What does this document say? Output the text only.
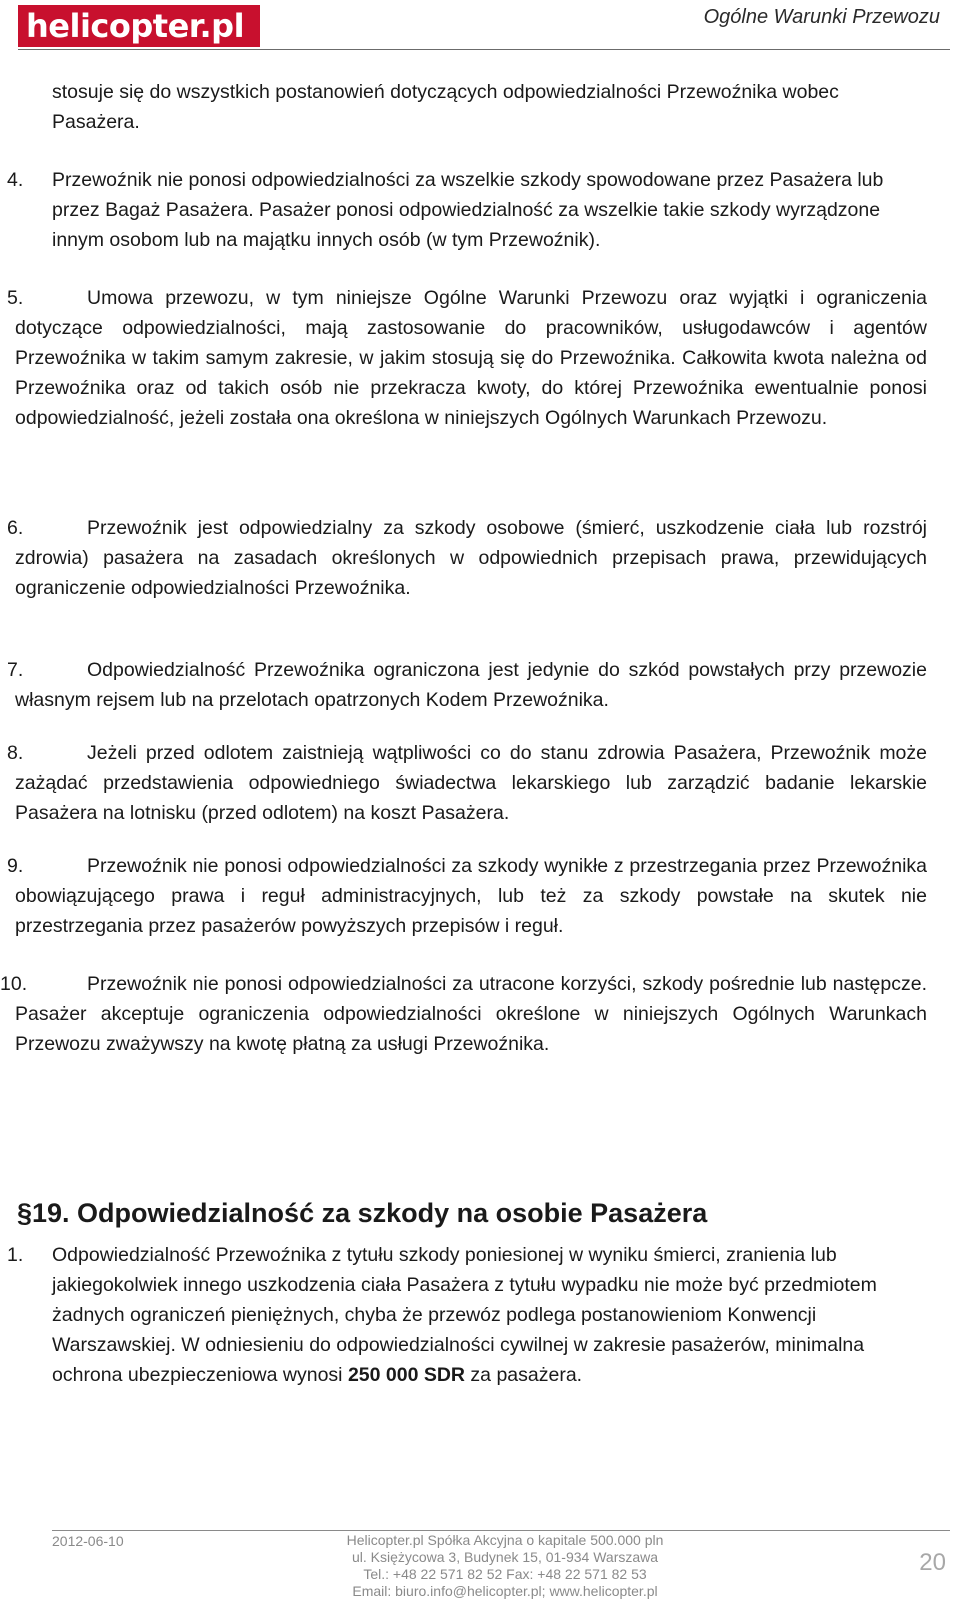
helicopter.pl	Ogólne Warunki Przewozu
stosuje się do wszystkich postanowień dotyczących odpowiedzialności Przewoźnika wobec Pasażera.
4. Przewoźnik nie ponosi odpowiedzialności za wszelkie szkody spowodowane przez Pasażera lub przez Bagaż Pasażera. Pasażer ponosi odpowiedzialność za wszelkie takie szkody wyrządzone innym osobom lub na majątku innych osób (w tym Przewoźnik).
5.	Umowa przewozu, w tym niniejsze Ogólne Warunki Przewozu oraz wyjątki i ograniczenia dotyczące odpowiedzialności, mają zastosowanie do pracowników, usługodawców i agentów Przewoźnika w takim samym zakresie, w jakim stosują się do Przewoźnika. Całkowita kwota należna od Przewoźnika oraz od takich osób nie przekracza kwoty, do której Przewoźnika ewentualnie ponosi odpowiedzialność, jeżeli została ona określona w niniejszych Ogólnych Warunkach Przewozu.
6.	Przewoźnik jest odpowiedzialny za szkody osobowe (śmierć, uszkodzenie ciała lub rozstrój zdrowia) pasażera na zasadach określonych w odpowiednich przepisach prawa, przewidujących ograniczenie odpowiedzialności Przewoźnika.
7.	Odpowiedzialność Przewoźnika ograniczona jest jedynie do szkód powstałych przy przewozie własnym rejsem lub na przelotach opatrzonych Kodem Przewoźnika.
8.	Jeżeli przed odlotem zaistnieją wątpliwości co do stanu zdrowia Pasażera, Przewoźnik może zażądać przedstawienia odpowiedniego świadectwa lekarskiego lub zarządzić badanie lekarskie Pasażera na lotnisku (przed odlotem) na koszt Pasażera.
9.	Przewoźnik nie ponosi odpowiedzialności za szkody wynikłe z przestrzegania przez Przewoźnika obowiązującego prawa i reguł administracyjnych, lub też za szkody powstałe na skutek nie przestrzegania przez pasażerów powyższych przepisów i reguł.
10.	Przewoźnik nie ponosi odpowiedzialności za utracone korzyści, szkody pośrednie lub następcze. Pasażer akceptuje ograniczenia odpowiedzialności określone w niniejszych Ogólnych Warunkach Przewozu zważywszy na kwotę płatną za usługi Przewoźnika.
§19. Odpowiedzialność za szkody na osobie Pasażera
1. Odpowiedzialność Przewoźnika z tytułu szkody poniesionej w wyniku śmierci, zranienia lub jakiegokolwiek innego uszkodzenia ciała Pasażera z tytułu wypadku nie może być przedmiotem żadnych ograniczeń pieniężnych, chyba że przewóz podlega postanowieniom Konwencji Warszawskiej. W odniesieniu do odpowiedzialności cywilnej w zakresie pasażerów, minimalna ochrona ubezpieczeniowa wynosi 250 000 SDR za pasażera.
2012-06-10	Helicopter.pl Spółka Akcyjna o kapitale 500.000 pln
ul. Księżycowa 3, Budynek 15, 01-934 Warszawa
Tel.: +48 22 571 82 52 Fax: +48 22 571 82 53
Email: biuro.info@helicopter.pl; www.helicopter.pl
20
